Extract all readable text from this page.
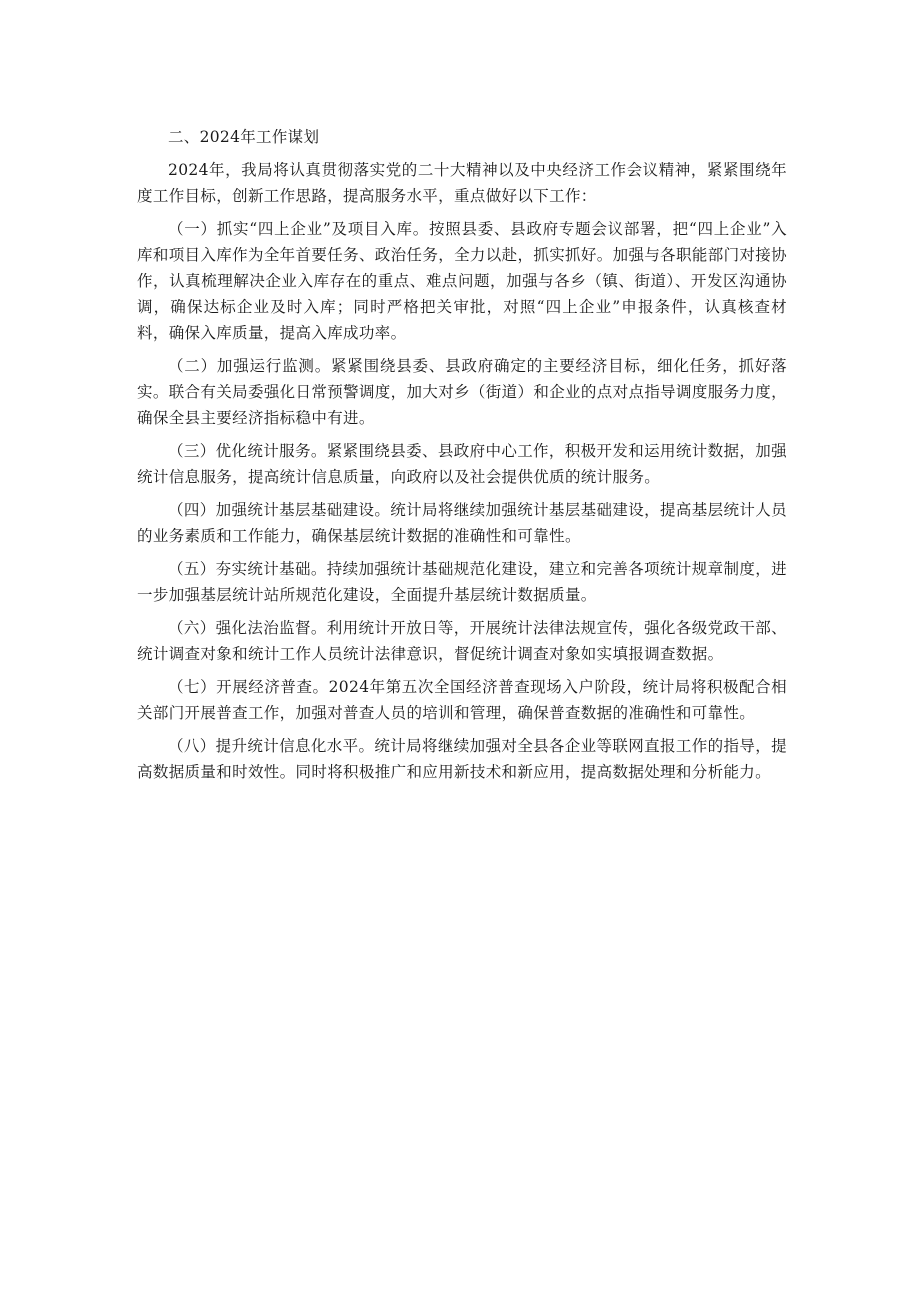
二、2024年工作谋划

2024年，我局将认真贯彻落实党的二十大精神以及中央经济工作会议精神，紧紧围绕年度工作目标，创新工作思路，提高服务水平，重点做好以下工作：

（一）抓实“四上企业”及项目入库。按照县委、县政府专题会议部署，把“四上企业”入库和项目入库作为全年首要任务、政治任务，全力以赴，抓实抓好。加强与各职能部门对接协作，认真梳理解决企业入库存在的重点、难点问题，加强与各乡（镇、街道）、开发区沟通协调，确保达标企业及时入库；同时严格把关审批，对照“四上企业”申报条件，认真核查材料，确保入库质量，提高入库成功率。

（二）加强运行监测。紧紧围绕县委、县政府确定的主要经济目标，细化任务，抓好落实。联合有关局委强化日常预警调度，加大对乡（街道）和企业的点对点指导调度服务力度，确保全县主要经济指标稳中有进。

（三）优化统计服务。紧紧围绕县委、县政府中心工作，积极开发和运用统计数据，加强统计信息服务，提高统计信息质量，向政府以及社会提供优质的统计服务。

（四）加强统计基层基础建设。统计局将继续加强统计基层基础建设，提高基层统计人员的业务素质和工作能力，确保基层统计数据的准确性和可靠性。

（五）夯实统计基础。持续加强统计基础规范化建设，建立和完善各项统计规章制度，进一步加强基层统计站所规范化建设，全面提升基层统计数据质量。

（六）强化法治监督。利用统计开放日等，开展统计法律法规宣传，强化各级党政干部、统计调查对象和统计工作人员统计法律意识，督促统计调查对象如实填报调查数据。

（七）开展经济普查。2024年第五次全国经济普查现场入户阶段，统计局将积极配合相关部门开展普查工作，加强对普查人员的培训和管理，确保普查数据的准确性和可靠性。

（八）提升统计信息化水平。统计局将继续加强对全县各企业等联网直报工作的指导，提高数据质量和时效性。同时将积极推广和应用新技术和新应用，提高数据处理和分析能力。
